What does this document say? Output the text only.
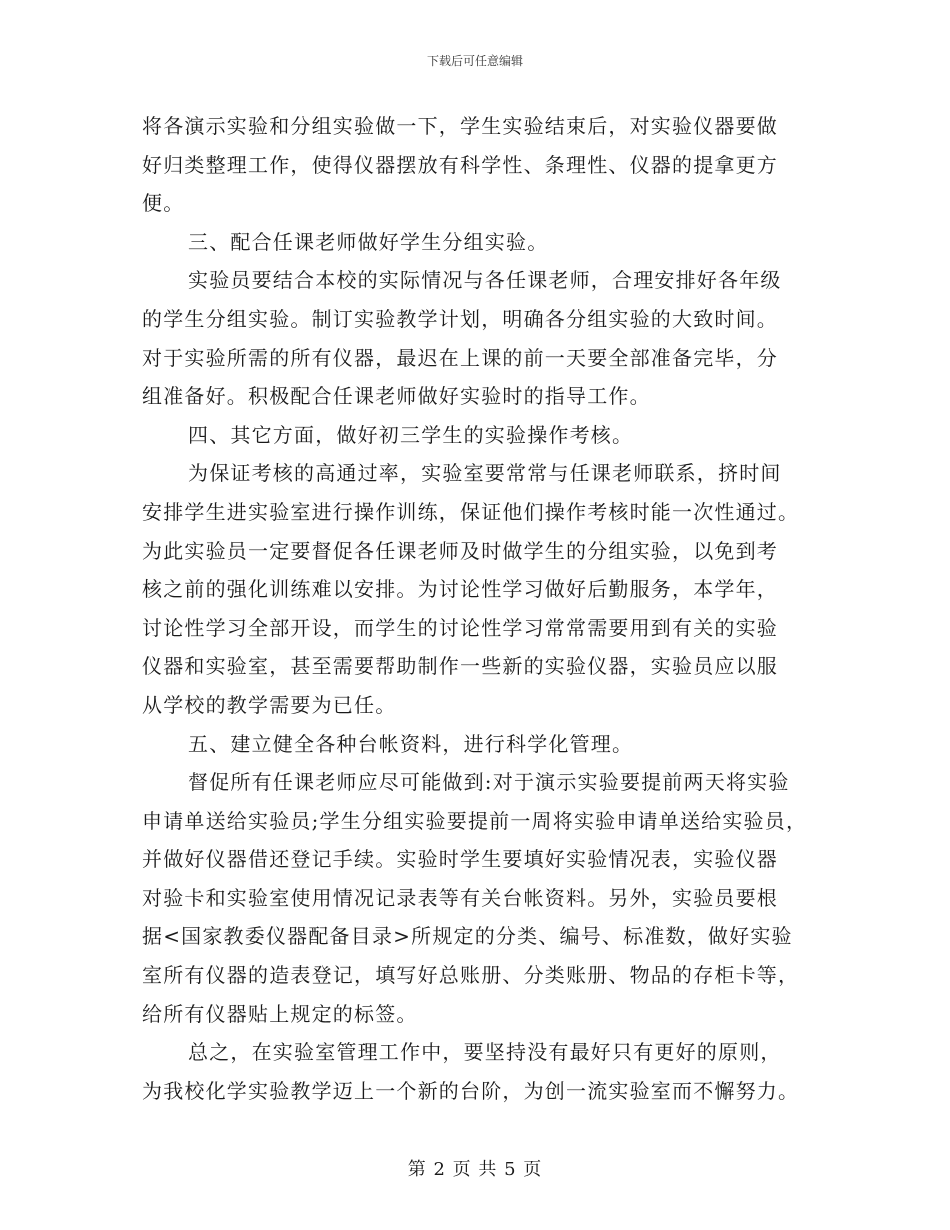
下载后可任意编辑
将各演示实验和分组实验做一下，学生实验结束后，对实验仪器要做
好归类整理工作，使得仪器摆放有科学性、条理性、仪器的提拿更方
便。
三、配合任课老师做好学生分组实验。
实验员要结合本校的实际情况与各任课老师，合理安排好各年级
的学生分组实验。制订实验教学计划，明确各分组实验的大致时间。
对于实验所需的所有仪器，最迟在上课的前一天要全部准备完毕，分
组准备好。积极配合任课老师做好实验时的指导工作。
四、其它方面，做好初三学生的实验操作考核。
为保证考核的高通过率，实验室要常常与任课老师联系，挤时间
安排学生进实验室进行操作训练，保证他们操作考核时能一次性通过。
为此实验员一定要督促各任课老师及时做学生的分组实验，以免到考
核之前的强化训练难以安排。为讨论性学习做好后勤服务，本学年，
讨论性学习全部开设，而学生的讨论性学习常常需要用到有关的实验
仪器和实验室，甚至需要帮助制作一些新的实验仪器，实验员应以服
从学校的教学需要为已任。
五、建立健全各种台帐资料，进行科学化管理。
督促所有任课老师应尽可能做到:对于演示实验要提前两天将实验
申请单送给实验员;学生分组实验要提前一周将实验申请单送给实验员，
并做好仪器借还登记手续。实验时学生要填好实验情况表，实验仪器
对验卡和实验室使用情况记录表等有关台帐资料。另外，实验员要根
据<国家教委仪器配备目录>所规定的分类、编号、标准数，做好实验
室所有仪器的造表登记，填写好总账册、分类账册、物品的存柜卡等，
给所有仪器贴上规定的标签。
总之，在实验室管理工作中，要坚持没有最好只有更好的原则，
为我校化学实验教学迈上一个新的台阶，为创一流实验室而不懈努力。
第 2 页 共 5 页
